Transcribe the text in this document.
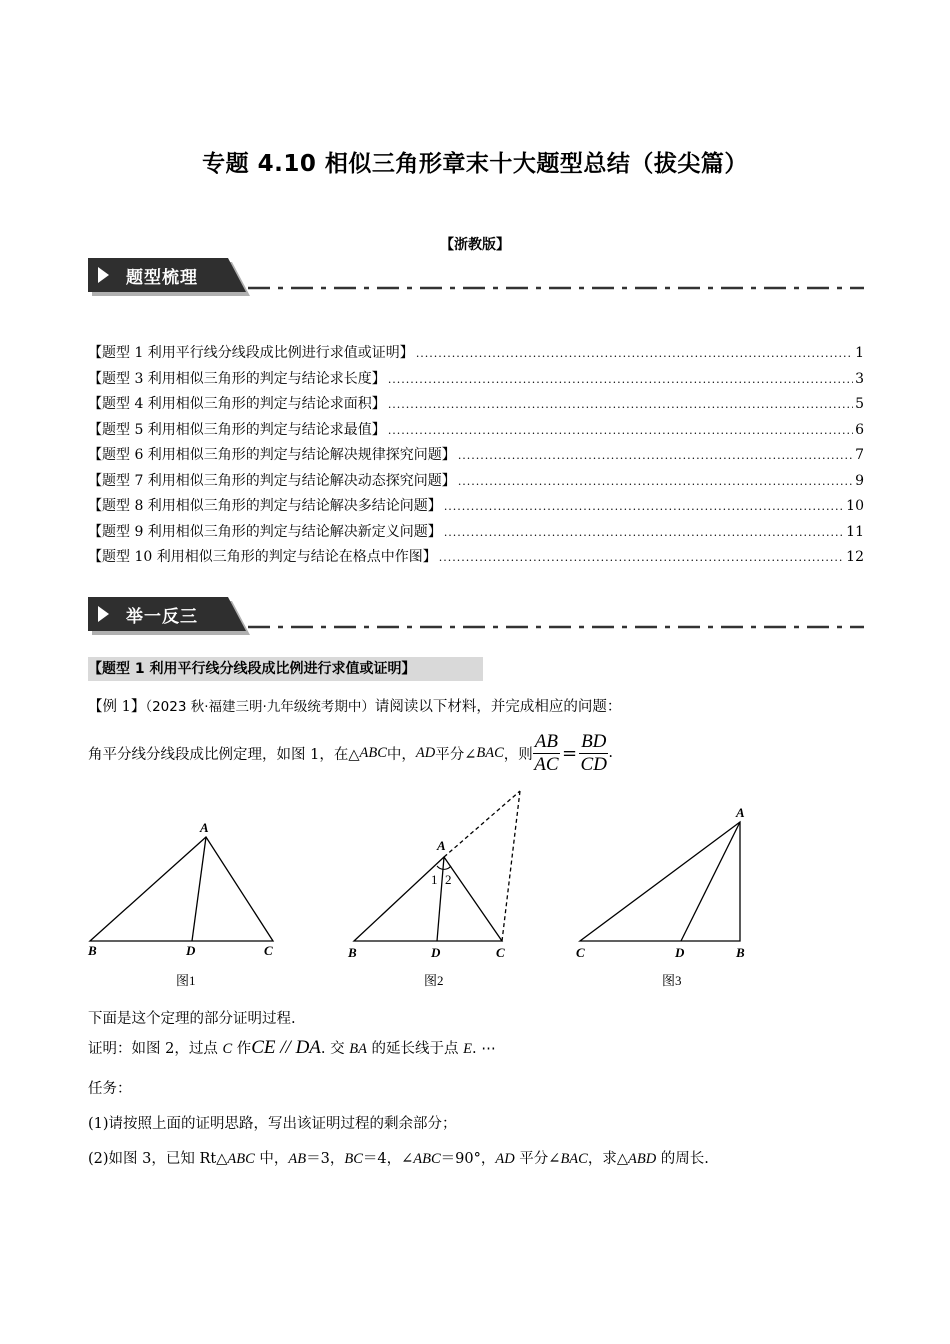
专题 4.10 相似三角形章末十大题型总结（拔尖篇）
【浙教版】
题型梳理
【题型 1 利用平行线分线段成比例进行求值或证明】 .....	1
【题型 3 利用相似三角形的判定与结论求长度】 .....	3
【题型 4 利用相似三角形的判定与结论求面积】 .....	5
【题型 5 利用相似三角形的判定与结论求最值】 .....	6
【题型 6 利用相似三角形的判定与结论解决规律探究问题】 .....	7
【题型 7 利用相似三角形的判定与结论解决动态探究问题】 .....	9
【题型 8 利用相似三角形的判定与结论解决多结论问题】 .....	10
【题型 9 利用相似三角形的判定与结论解决新定义问题】 .....	11
【题型 10 利用相似三角形的判定与结论在格点中作图】 .....	12
举一反三
【题型 1 利用平行线分线段成比例进行求值或证明】
【例 1】（2023 秋·福建三明·九年级统考期中）请阅读以下材料，并完成相应的问题：
角平分线分线段成比例定理，如图 1，在△ ABC 中， AD 平分∠ BAC ，则 $\frac{AB}{AC} = \frac{BD}{CD}$ .
A
B	D	C
图1
A
B	D	C
1 2
图2
A
C	D	B
图3
下面是这个定理的部分证明过程.
证明：如图 2，过点 C 作CE // DA. 交 BA 的延长线于点 E. ⋯
任务：
(1)请按照上面的证明思路，写出该证明过程的剩余部分；
(2)如图 3，已知 Rt△ABC 中，AB＝3，BC＝4，∠ABC＝90°，AD 平分∠BAC，求△ABD 的周长.
